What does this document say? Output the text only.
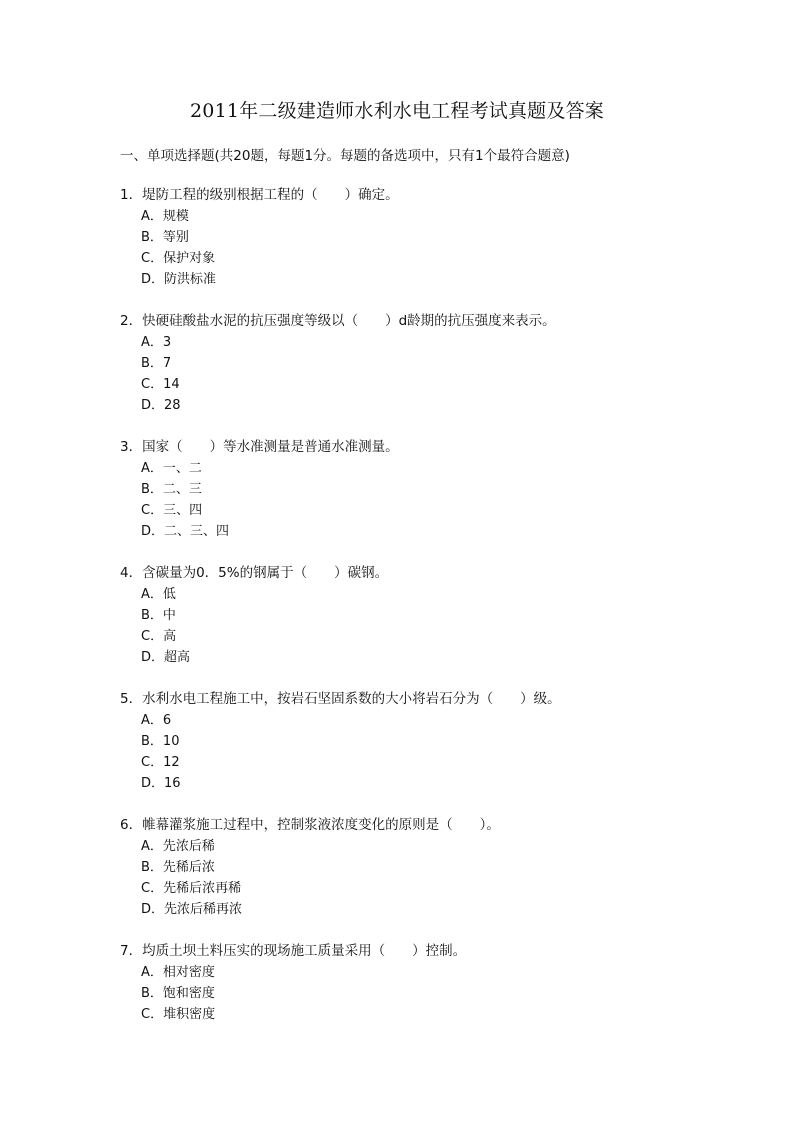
2011年二级建造师水利水电工程考试真题及答案
一、单项选择题(共20题，每题1分。每题的备选项中，只有1个最符合题意)
1．堤防工程的级别根据工程的（　　）确定。
A．规模
B．等别
C．保护对象
D．防洪标准
2．快硬硅酸盐水泥的抗压强度等级以（　　）d龄期的抗压强度来表示。
A．3
B．7
C．14
D．28
3．国家（　　）等水准测量是普通水准测量。
A．一、二
B．二、三
C．三、四
D．二、三、四
4．含碳量为0．5%的钢属于（　　）碳钢。
A．低
B．中
C．高
D．超高
5．水利水电工程施工中，按岩石坚固系数的大小将岩石分为（　　）级。
A．6
B．10
C．12
D．16
6．帷幕灌浆施工过程中，控制浆液浓度变化的原则是（　　）。
A．先浓后稀
B．先稀后浓
C．先稀后浓再稀
D．先浓后稀再浓
7．均质土坝土料压实的现场施工质量采用（　　）控制。
A．相对密度
B．饱和密度
C．堆积密度
